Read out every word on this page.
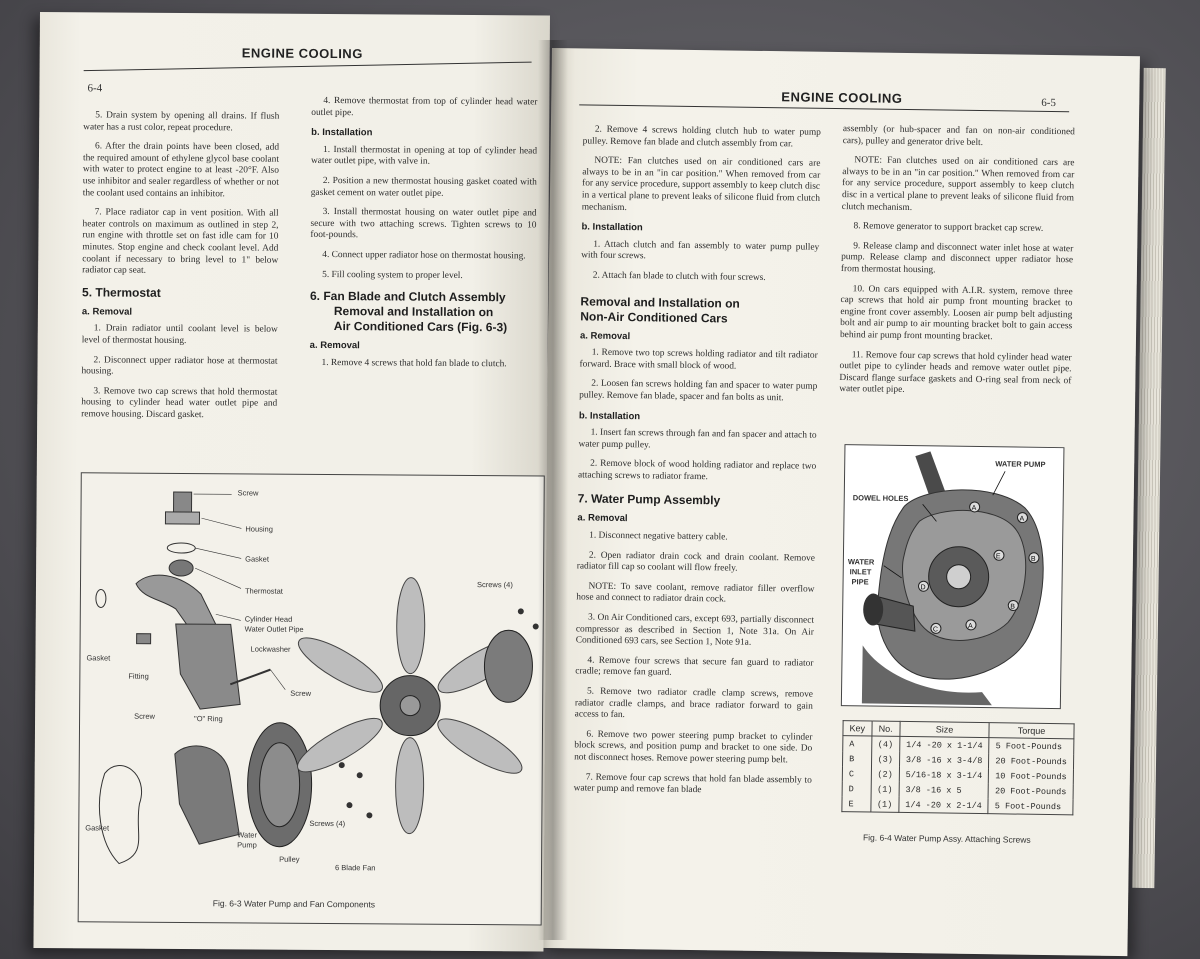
ENGINE COOLING	6-5

2. Remove 4 screws holding clutch hub to water pump pulley. Remove fan blade and clutch assembly from car.

NOTE: Fan clutches used on air conditioned cars are always to be in an "in car position." When removed from car for any service procedure, support assembly to keep clutch disc in a vertical plane to prevent leaks of silicone fluid from clutch mechanism.

b. Installation

1. Attach clutch and fan assembly to water pump pulley with four screws.

2. Attach fan blade to clutch with four screws.

Removal and Installation on
Non-Air Conditioned Cars
a. Removal

1. Remove two top screws holding radiator and tilt radiator forward. Brace with small block of wood.

2. Loosen fan screws holding fan and spacer to water pump pulley. Remove fan blade, spacer and fan bolts as unit.

b. Installation

1. Insert fan screws through fan and fan spacer and attach to water pump pulley.

2. Remove block of wood holding radiator and replace two attaching screws to radiator frame.

7. Water Pump Assembly
a. Removal

1. Disconnect negative battery cable.

2. Open radiator drain cock and drain coolant. Remove radiator fill cap so coolant will flow freely.

NOTE: To save coolant, remove radiator filler overflow hose and connect to radiator drain cock.

3. On Air Conditioned cars, except 693, partially disconnect compressor as described in Section 1, Note 31a. On Air Conditioned 693 cars, see Section 1, Note 91a.

4. Remove four screws that secure fan guard to radiator cradle; remove fan guard.

5. Remove two radiator cradle clamp screws, remove radiator cradle clamps, and brace radiator forward to gain access to fan.

6. Remove two power steering pump bracket to cylinder block screws, and position pump and bracket to one side. Do not disconnect hoses. Remove power steering pump belt.

7. Remove four cap screws that hold fan blade assembly to water pump and remove fan blade

assembly (or hub-spacer and fan on non-air conditioned cars), pulley and generator drive belt.

NOTE: Fan clutches used on air conditioned cars are always to be in an "in car position." When removed from car for any service procedure, support assembly to keep clutch disc in a vertical plane to prevent leaks of silicone fluid from clutch mechanism.

8. Remove generator to support bracket cap screw.

9. Release clamp and disconnect water inlet hose at water pump. Release clamp and disconnect upper radiator hose from thermostat housing.

10. On cars equipped with A.I.R. system, remove three cap screws that hold air pump front mounting bracket to engine front cover assembly. Loosen air pump belt adjusting bolt and air pump to air mounting bracket bolt to gain access behind air pump front mounting bracket.

11. Remove four cap screws that hold cylinder head water outlet pipe to cylinder heads and remove water outlet pipe. Discard flange surface gaskets and O-ring seal from neck of water outlet pipe.

A
A
B
B
A
D
C
E
WATER PUMP
DOWEL HOLES
WATER
INLET
PIPE
Key	No.	Size	Torque
A	(4)	1/4 -20 x 1-1/4	5 Foot-Pounds
B	(3)	3/8 -16 x 3-4/8	20 Foot-Pounds
C	(2)	5/16-18 x 3-1/4	10 Foot-Pounds
D	(1)	3/8 -16 x 5	20 Foot-Pounds
E	(1)	1/4 -20 x 2-1/4	5 Foot-Pounds
Fig. 6-4 Water Pump Assy. Attaching Screws
ENGINE COOLING
6-4

5. Drain system by opening all drains. If flush water has a rust color, repeat procedure.

6. After the drain points have been closed, add the required amount of ethylene glycol base coolant with water to protect engine to at least -20°F. Also use inhibitor and sealer regardless of whether or not the coolant used contains an inhibitor.

7. Place radiator cap in vent position. With all heater controls on maximum as outlined in step 2, run engine with throttle set on fast idle cam for 10 minutes. Stop engine and check coolant level. Add coolant if necessary to bring level to 1" below radiator cap seat.

5. Thermostat
a. Removal

1. Drain radiator until coolant level is below level of thermostat housing.

2. Disconnect upper radiator hose at thermostat housing.

3. Remove two cap screws that hold thermostat housing to cylinder head water outlet pipe and remove housing. Discard gasket.

4. Remove thermostat from top of cylinder head water outlet pipe.

b. Installation

1. Install thermostat in opening at top of cylinder head water outlet pipe, with valve in.

2. Position a new thermostat housing gasket coated with gasket cement on water outlet pipe.

3. Install thermostat housing on water outlet pipe and secure with two attaching screws. Tighten screws to 10 foot-pounds.

4. Connect upper radiator hose on thermostat housing.

5. Fill cooling system to proper level.

6. Fan Blade and Clutch Assembly
Removal and Installation on
Air Conditioned Cars (Fig. 6-3)
a. Removal

1. Remove 4 screws that hold fan blade to clutch.

Screw
Housing
Gasket
Thermostat
Cylinder Head
Water Outlet Pipe
Lockwasher
Screw
Gasket
Fitting
Screw	"O" Ring
Gasket
Water
Pump
Pulley
Screws (4)
Screws (4)
6 Blade Fan
Fig. 6-3 Water Pump and Fan Components
